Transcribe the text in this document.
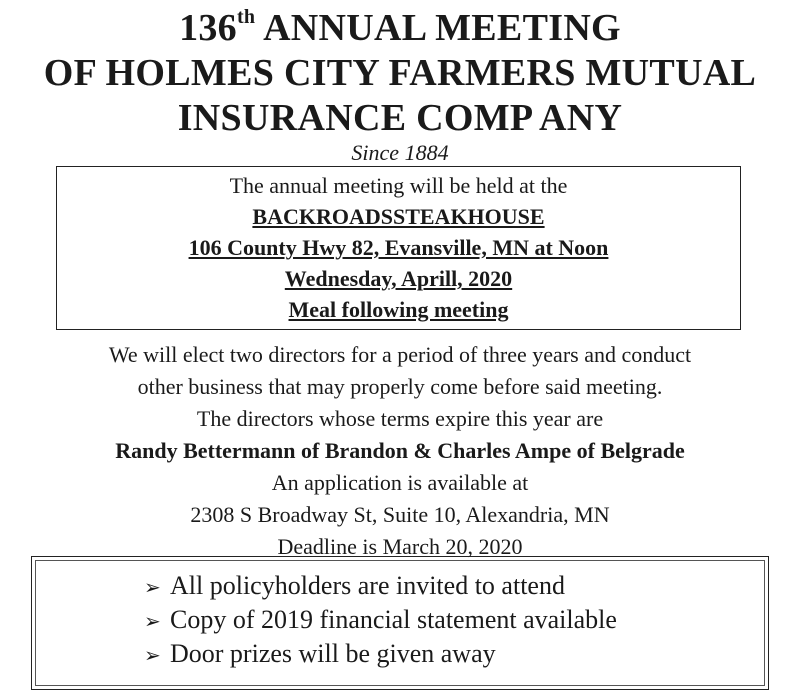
136th ANNUAL MEETING
OF HOLMES CITY FARMERS MUTUAL
INSURANCE COMP ANY
Since 1884
The annual meeting will be held at the
BACKROADSSTEAKHOUSE
106 County Hwy 82, Evansville, MN at Noon
Wednesday, Aprill, 2020
Meal following meeting
We will elect two directors for a period of three years and conduct
other business that may properly come before said meeting.
The directors whose terms expire this year are
Randy Bettermann of Brandon & Charles Ampe of Belgrade
An application is available at
2308 S Broadway St, Suite 10, Alexandria, MN
Deadline is March 20, 2020
➢ All policyholders are invited to attend
➢ Copy of 2019 financial statement available
➢ Door prizes will be given away
